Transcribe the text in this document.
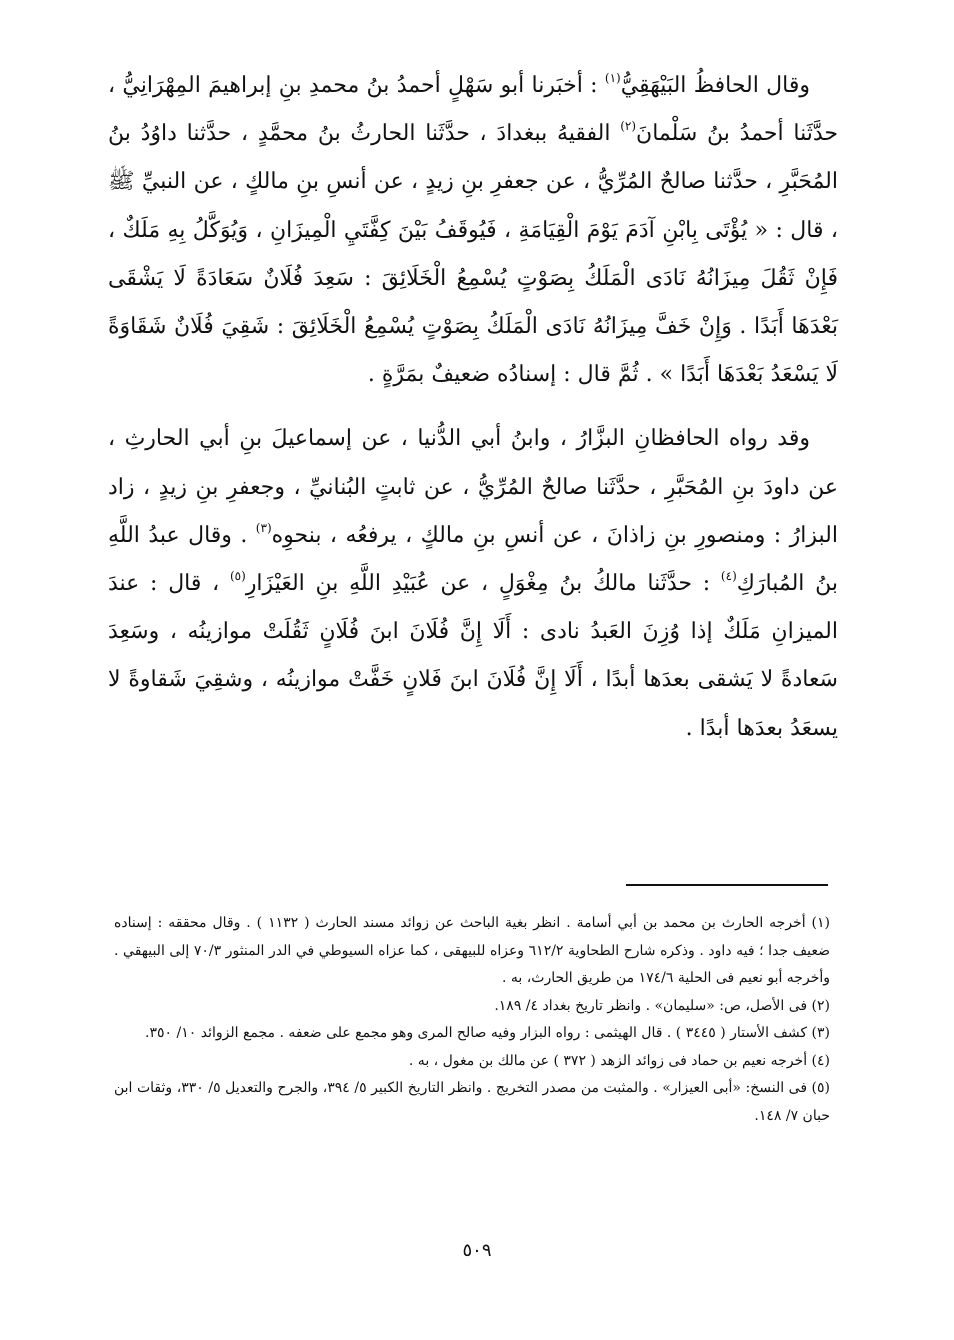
وقال الحافظُ البَيْهَقِيُّ$^{(١)}$ : أخبَرنا أبو سَهْلٍ أحمدُ بنُ محمدِ بنِ إبراهيمَ المِهْرَانِيُّ ، حدَّثَنا أحمدُ بنُ سَلْمانَ$^{(٢)}$ الفقيهُ ببغدادَ ، حدَّثَنا الحارثُ بنُ محمَّدٍ ، حدَّثنا داوُدُ بنُ المُحَبَّرِ ، حدَّثنا صالحٌ المُرِّيُّ ، عن جعفرِ بنِ زيدٍ ، عن أنسِ بنِ مالكٍ ، عن النبيِّ ﷺ ، قال : « يُؤْتَى بِابْنِ آدَمَ يَوْمَ الْقِيَامَةِ ، فَيُوقَفُ بَيْنَ كِفَّتَيِ الْمِيزَانِ ، وَيُوَكَّلُ بِهِ مَلَكٌ ، فَإِنْ ثَقُلَ مِيزَانُهُ نَادَى الْمَلَكُ بِصَوْتٍ يُسْمِعُ الْخَلَائِقَ : سَعِدَ فُلَانٌ سَعَادَةً لَا يَشْقَى بَعْدَهَا أَبَدًا . وَإِنْ خَفَّ مِيزَانُهُ نَادَى الْمَلَكُ بِصَوْتٍ يُسْمِعُ الْخَلَائِقَ : شَقِيَ فُلَانٌ شَقَاوَةً لَا يَسْعَدُ بَعْدَهَا أَبَدًا » . ثُمَّ قال : إسنادُه ضعيفٌ بمَرَّةٍ .

وقد رواه الحافظانِ البزَّارُ ، وابنُ أبي الدُّنيا ، عن إسماعيلَ بنِ أبي الحارثِ ، عن داودَ بنِ المُحَبَّرِ ، حدَّثَنا صالحٌ المُرِّيُّ ، عن ثابتٍ البُنانيِّ ، وجعفرِ بنِ زيدٍ ، زاد البزارُ : ومنصورِ بنِ زاذانَ ، عن أنسِ بنِ مالكٍ ، يرفعُه ، بنحوِه$^{(٣)}$ . وقال عبدُ اللَّهِ بنُ المُبارَكِ$^{(٤)}$ : حدَّثَنا مالكُ بنُ مِغْوَلٍ ، عن عُبَيْدِ اللَّهِ بنِ العَيْزَارِ$^{(٥)}$ ، قال : عندَ الميزانِ مَلَكٌ إذا وُزِنَ العَبدُ نادى : أَلَا إِنَّ فُلَانَ ابنَ فُلَانٍ ثَقُلَتْ موازينُه ، وسَعِدَ سَعادةً لا يَشقى بعدَها أبدًا ، أَلَا إِنَّ فُلَانَ ابنَ فَلانٍ خَفَّتْ موازينُه ، وشقِيَ شَقاوةً لا يسعَدُ بعدَها أبدًا .

(١) أخرجه الحارث بن محمد بن أبي أسامة . انظر بغية الباحث عن زوائد مسند الحارث ( ١١٣٢ ) . وقال محققه : إسناده ضعيف جدا ؛ فيه داود . وذكره شارح الطحاوية ٦١٢/٢ وعزاه للبيهقى ، كما عزاه السيوطي في الدر المنثور ٧٠/٣ إلى البيهقي . وأخرجه أبو نعيم فى الحلية ١٧٤/٦ من طريق الحارث، به .

(٢) فى الأصل، ص: «سليمان» . وانظر تاريخ بغداد ٤/ ١٨٩.

(٣) كشف الأستار ( ٣٤٤٥ ) . قال الهيثمى : رواه البزار وفيه صالح المرى وهو مجمع على ضعفه . مجمع الزوائد ١٠/ ٣٥٠.

(٤) أخرجه نعيم بن حماد فى زوائد الزهد ( ٣٧٢ ) عن مالك بن مغول ، به .

(٥) فى النسخ: «أبى العيزار» . والمثبت من مصدر التخريج . وانظر التاريخ الكبير ٥/ ٣٩٤، والجرح والتعديل ٥/ ٣٣٠، وثقات ابن حبان ٧/ ١٤٨.

٥٠٩
